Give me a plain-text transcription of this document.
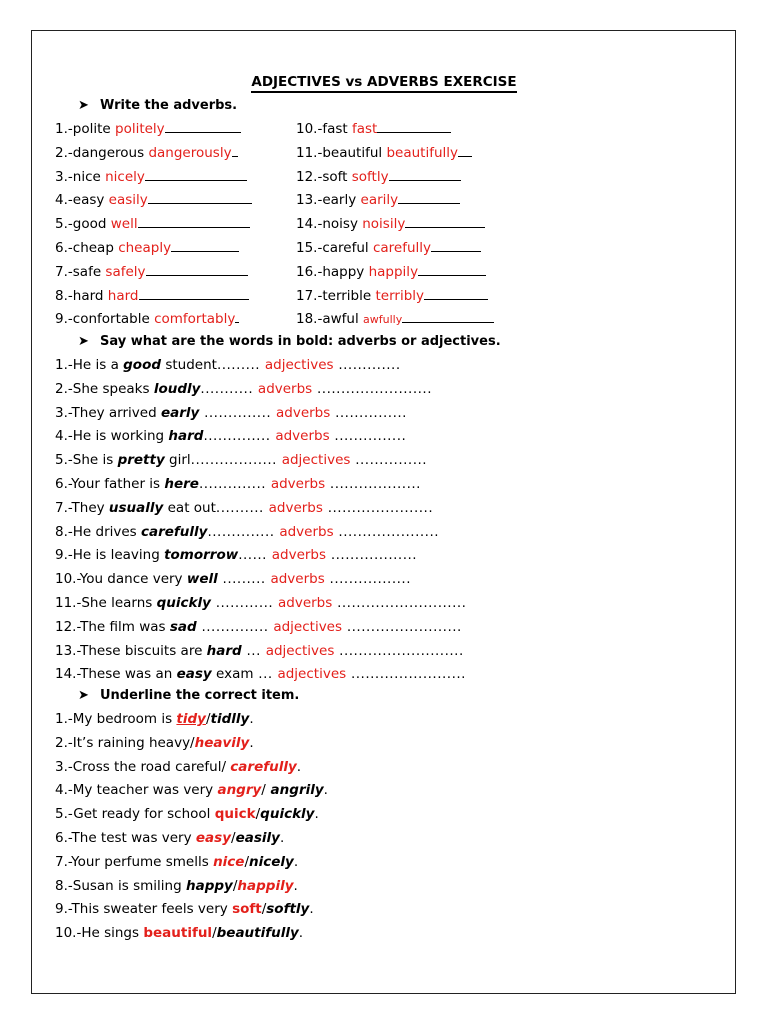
ADJECTIVES vs ADVERBS EXERCISE
➤ Write the adverbs.
1.-polite politely
2.-dangerous dangerously
3.-nice nicely
4.-easy easily
5.-good well
6.-cheap cheaply
7.-safe safely
8.-hard hard
9.-confortable comfortably
10.-fast fast
11.-beautiful beautifully
12.-soft softly
13.-early earily
14.-noisy noisily
15.-careful carefully
16.-happy happily
17.-terrible terribly
18.-awful awfully
➤ Say what are the words in bold: adverbs or adjectives.
1.-He is a good student......... adjectives .............
2.-She speaks loudly........... adverbs ........................
3.-They arrived early .............. adverbs ...............
4.-He is working hard.............. adverbs ...............
5.-She is pretty girl.................. adjectives ...............
6.-Your father is here.............. adverbs ...................
7.-They usually eat out.......... adverbs ......................
8.-He drives carefully.............. adverbs .....................
9.-He is leaving tomorrow...... adverbs ..................
10.-You dance very well ......... adverbs .................
11.-She learns quickly ............ adverbs ...........................
12.-The film was sad .............. adjectives ........................
13.-These biscuits are hard ... adjectives ..........................
14.-These was an easy exam ... adjectives ........................
➤ Underline the correct item.
1.-My bedroom is tidy/tidlly.
2.-It’s raining heavy/heavily.
3.-Cross the road careful/ carefully.
4.-My teacher was very angry/ angrily.
5.-Get ready for school quick/quickly.
6.-The test was very easy/easily.
7.-Your perfume smells nice/nicely.
8.-Susan is smiling happy/happily.
9.-This sweater feels very soft/softly.
10.-He sings beautiful/beautifully.
